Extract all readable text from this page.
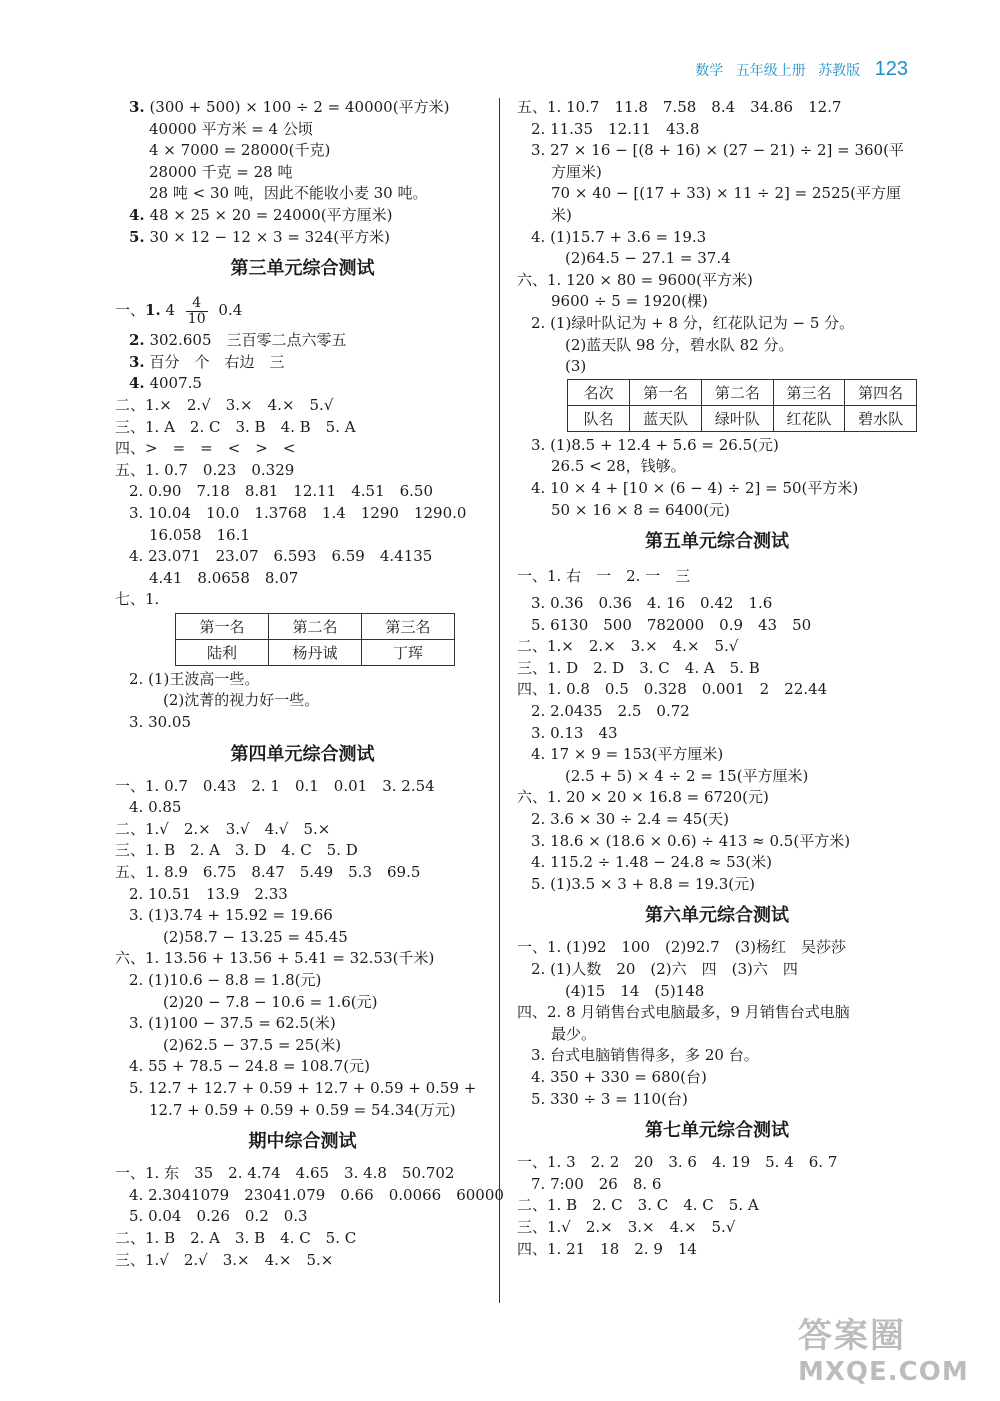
数学 五年级上册 苏教版 123
3. (300 + 500) × 100 ÷ 2 = 40000(平方米)
40000 平方米 = 4 公顷
4 × 7000 = 28000(千克)
28000 千克 = 28 吨
28 吨 < 30 吨，因此不能收小麦 30 吨。
4. 48 × 25 × 20 = 24000(平方厘米)
5. 30 × 12 − 12 × 3 = 324(平方米)
第三单元综合测试
一、1. $4 \frac{4}{10} 0.4$
2. 302.605　三百零二点六零五
3. 百分　个　右边　三
4. 4007.5
二、1.×　2.√　3.×　4.×　5.√
三、1. A　2. C　3. B　4. B　5. A
四、>　=　=　<　>　<
五、1. 0.7　0.23　0.329
2. 0.90　7.18　8.81　12.11　4.51　6.50
3. 10.04　10.0　1.3768　1.4　1290　1290.0
16.058　16.1
4. 23.071　23.07　6.593　6.59　4.4135
4.41　8.0658　8.07
七、1.
第一名	第二名	第三名
陆利	杨丹诚	丁珲
2. (1)王波高一些。
(2)沈菁的视力好一些。
3. 30.05
第四单元综合测试
一、1. 0.7　0.43　2. 1　0.1　0.01　3. 2.54
4. 0.85
二、1.√　2.×　3.√　4.√　5.×
三、1. B　2. A　3. D　4. C　5. D
五、1. 8.9　6.75　8.47　5.49　5.3　69.5
2. 10.51　13.9　2.33
3. (1)3.74 + 15.92 = 19.66
(2)58.7 − 13.25 = 45.45
六、1. 13.56 + 13.56 + 5.41 = 32.53(千米)
2. (1)10.6 − 8.8 = 1.8(元)
(2)20 − 7.8 − 10.6 = 1.6(元)
3. (1)100 − 37.5 = 62.5(米)
(2)62.5 − 37.5 = 25(米)
4. 55 + 78.5 − 24.8 = 108.7(元)
5. 12.7 + 12.7 + 0.59 + 12.7 + 0.59 + 0.59 +
12.7 + 0.59 + 0.59 + 0.59 = 54.34(万元)
期中综合测试
一、1. 东　35　2. 4.74　4.65　3. 4.8　50.702
4. 2.3041079　23041.079　0.66　0.0066　60000
5. 0.04　0.26　0.2　0.3
二、1. B　2. A　3. B　4. C　5. C
三、1.√　2.√　3.×　4.×　5.×
五、1. 10.7　11.8　7.58　8.4　34.86　12.7
2. 11.35　12.11　43.8
3. 27 × 16 − [(8 + 16) × (27 − 21) ÷ 2] = 360(平
方厘米)
70 × 40 − [(17 + 33) × 11 ÷ 2] = 2525(平方厘
米)
4. (1)15.7 + 3.6 = 19.3
(2)64.5 − 27.1 = 37.4
六、1. 120 × 80 = 9600(平方米)
9600 ÷ 5 = 1920(棵)
2. (1)绿叶队记为 + 8 分，红花队记为 − 5 分。
(2)蓝天队 98 分，碧水队 82 分。
(3)
名次	第一名	第二名	第三名	第四名
队名	蓝天队	绿叶队	红花队	碧水队
3. (1)8.5 + 12.4 + 5.6 = 26.5(元)
26.5 < 28，钱够。
4. 10 × 4 + [10 × (6 − 4) ÷ 2] = 50(平方米)
50 × 16 × 8 = 6400(元)
第五单元综合测试
一、1. 右　一　2. 一　三
3. 0.36　0.36　4. 16　0.42　1.6
5. 6130　500　782000　0.9　43　50
二、1.×　2.×　3.×　4.×　5.√
三、1. D　2. D　3. C　4. A　5. B
四、1. 0.8　0.5　0.328　0.001　2　22.44
2. 2.0435　2.5　0.72
3. 0.13　43
4. 17 × 9 = 153(平方厘米)
(2.5 + 5) × 4 ÷ 2 = 15(平方厘米)
六、1. 20 × 20 × 16.8 = 6720(元)
2. 3.6 × 30 ÷ 2.4 = 45(天)
3. 18.6 × (18.6 × 0.6) ÷ 413 ≈ 0.5(平方米)
4. 115.2 ÷ 1.48 − 24.8 ≈ 53(米)
5. (1)3.5 × 3 + 8.8 = 19.3(元)
第六单元综合测试
一、1. (1)92　100　(2)92.7　(3)杨红　吴莎莎
2. (1)人数　20　(2)六　四　(3)六　四
(4)15　14　(5)148
四、2. 8 月销售台式电脑最多，9 月销售台式电脑
最少。
3. 台式电脑销售得多，多 20 台。
4. 350 + 330 = 680(台)
5. 330 ÷ 3 = 110(台)
第七单元综合测试
一、1. 3　2. 2　20　3. 6　4. 19　5. 4　6. 7
7. 7:00　26　8. 6
二、1. B　2. C　3. C　4. C　5. A
三、1.√　2.×　3.×　4.×　5.√
四、1. 21　18　2. 9　14
答案圈
MXQE.COM
